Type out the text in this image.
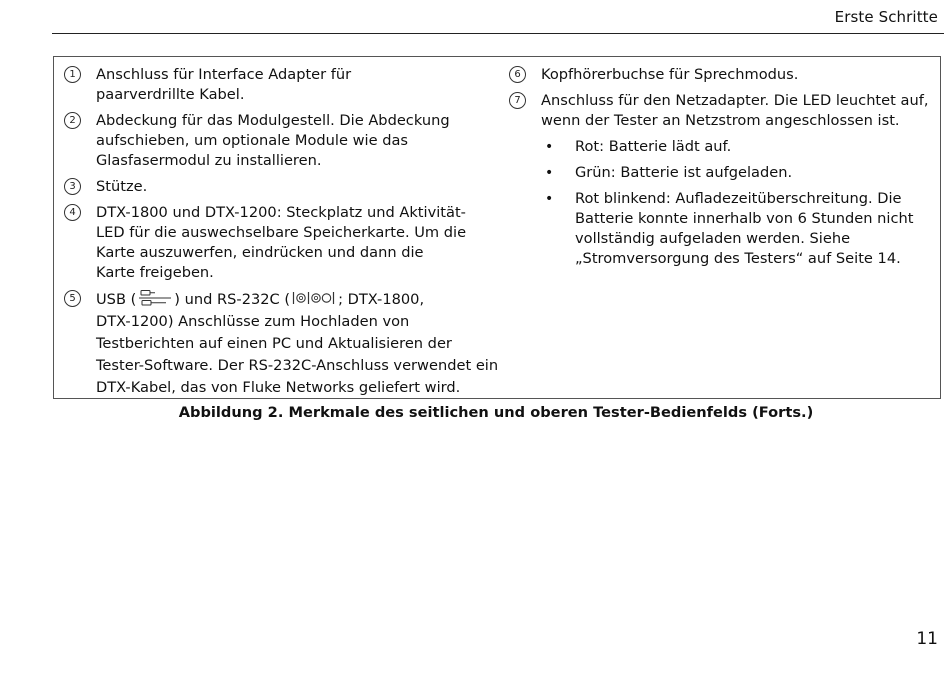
Erste Schritte
1	Anschluss für Interface Adapter für
paarverdrillte Kabel.
2	Abdeckung für das Modulgestell. Die Abdeckung
aufschieben, um optionale Module wie das
Glasfasermodul zu installieren.
3	Stütze.
4	DTX-1800 und DTX-1200: Steckplatz und Aktivität-
LED für die auswechselbare Speicherkarte. Um die
Karte auszuwerfen, eindrücken und dann die
Karte freigeben.
5	USB (	) und RS-232C (	; DTX-1800,
DTX-1200) Anschlüsse zum Hochladen von
Testberichten auf einen PC und Aktualisieren der
Tester-Software. Der RS-232C-Anschluss verwendet ein
DTX-Kabel, das von Fluke Networks geliefert wird.
6	Kopfhörerbuchse für Sprechmodus.
7	Anschluss für den Netzadapter. Die LED leuchtet auf,
wenn der Tester an Netzstrom angeschlossen ist.
• Rot: Batterie lädt auf.
• Grün: Batterie ist aufgeladen.
• Rot blinkend: Aufladezeitüberschreitung. Die
Batterie konnte innerhalb von 6 Stunden nicht
vollständig aufgeladen werden. Siehe
„Stromversorgung des Testers“ auf Seite 14.
Abbildung 2. Merkmale des seitlichen und oberen Tester-Bedienfelds (Forts.)
11
